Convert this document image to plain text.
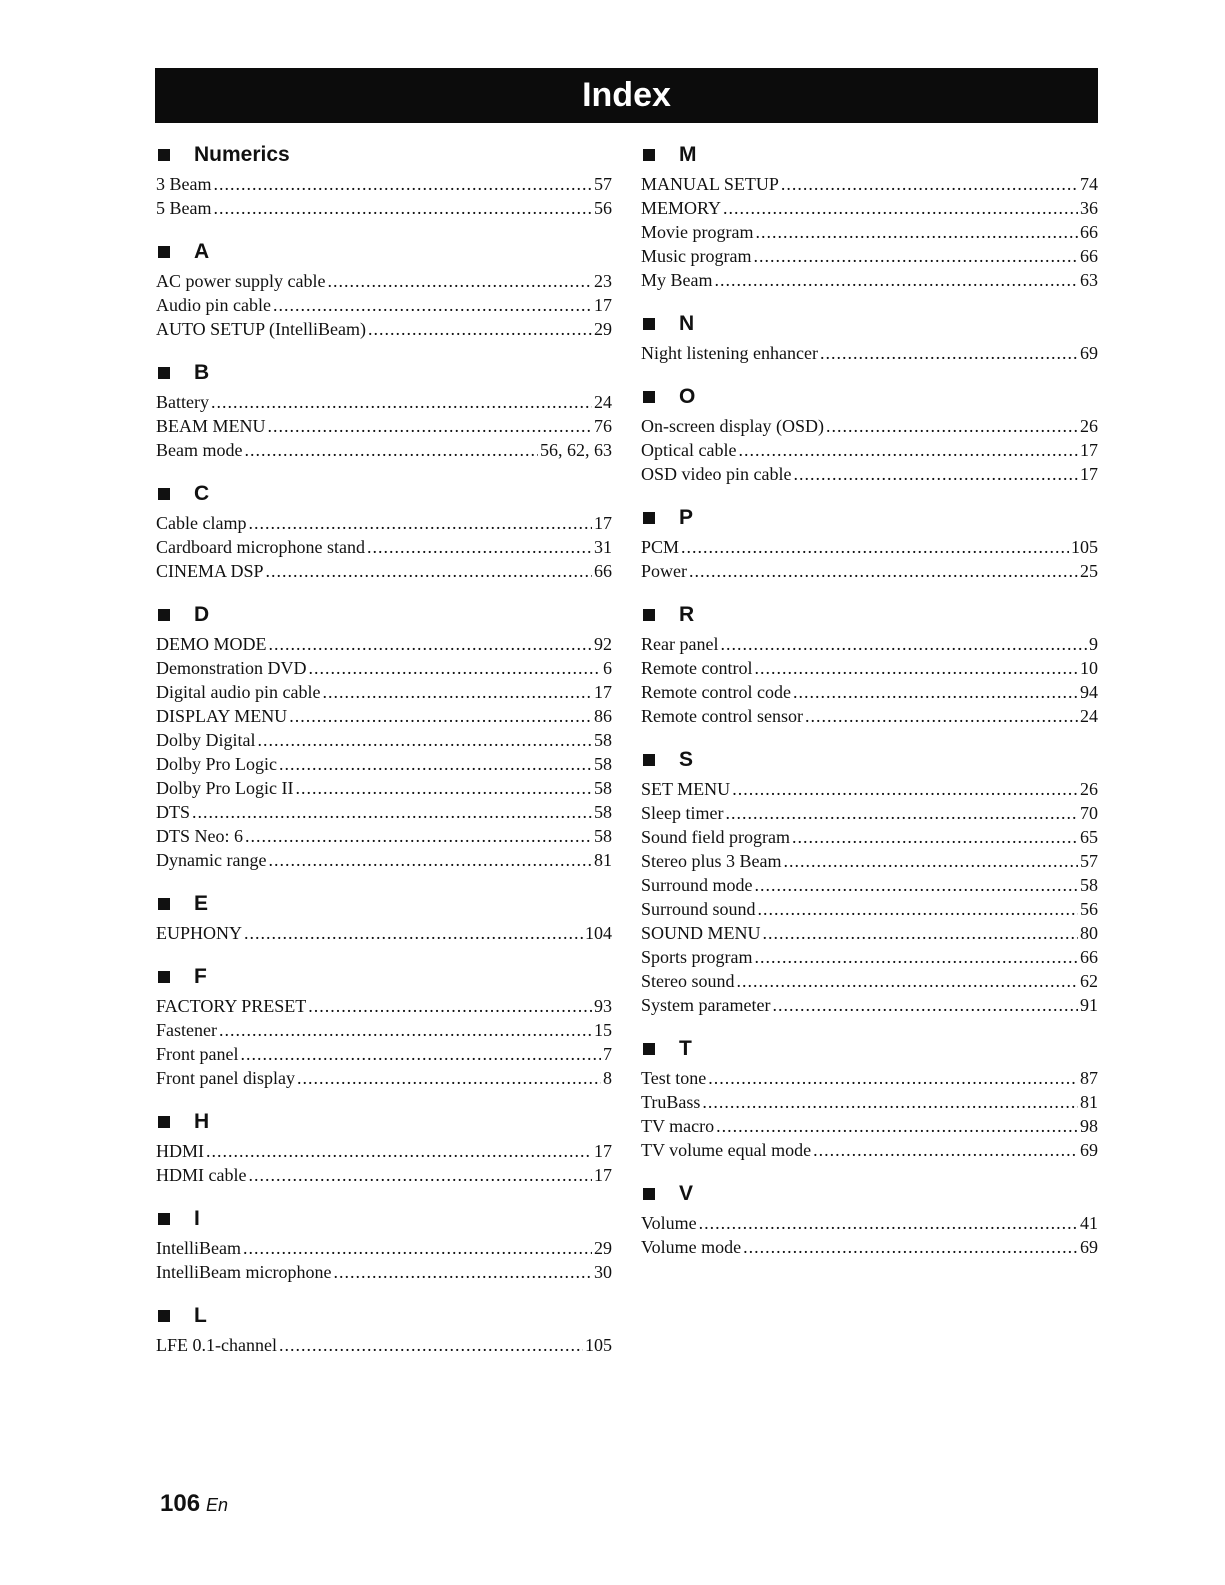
Index
Numerics
3 Beam .....	57
5 Beam .....	56
A
AC power supply cable .....	23
Audio pin cable .....	17
AUTO SETUP (IntelliBeam) .....	29
B
Battery .....	24
BEAM MENU .....	76
Beam mode .....	56, 62, 63
C
Cable clamp .....	17
Cardboard microphone stand .....	31
CINEMA DSP .....	66
D
DEMO MODE .....	92
Demonstration DVD .....	6
Digital audio pin cable .....	17
DISPLAY MENU .....	86
Dolby Digital .....	58
Dolby Pro Logic .....	58
Dolby Pro Logic II .....	58
DTS .....	58
DTS Neo: 6 .....	58
Dynamic range .....	81
E
EUPHONY .....	104
F
FACTORY PRESET .....	93
Fastener .....	15
Front panel .....	7
Front panel display .....	8
H
HDMI .....	17
HDMI cable .....	17
I
IntelliBeam .....	29
IntelliBeam microphone .....	30
L
LFE 0.1-channel .....	105
M
MANUAL SETUP .....	74
MEMORY .....	36
Movie program .....	66
Music program .....	66
My Beam .....	63
N
Night listening enhancer .....	69
O
On-screen display (OSD) .....	26
Optical cable .....	17
OSD video pin cable .....	17
P
PCM .....	105
Power .....	25
R
Rear panel .....	9
Remote control .....	10
Remote control code .....	94
Remote control sensor .....	24
S
SET MENU .....	26
Sleep timer .....	70
Sound field program .....	65
Stereo plus 3 Beam .....	57
Surround mode .....	58
Surround sound .....	56
SOUND MENU .....	80
Sports program .....	66
Stereo sound .....	62
System parameter .....	91
T
Test tone .....	87
TruBass .....	81
TV macro .....	98
TV volume equal mode .....	69
V
Volume .....	41
Volume mode .....	69
106 En
